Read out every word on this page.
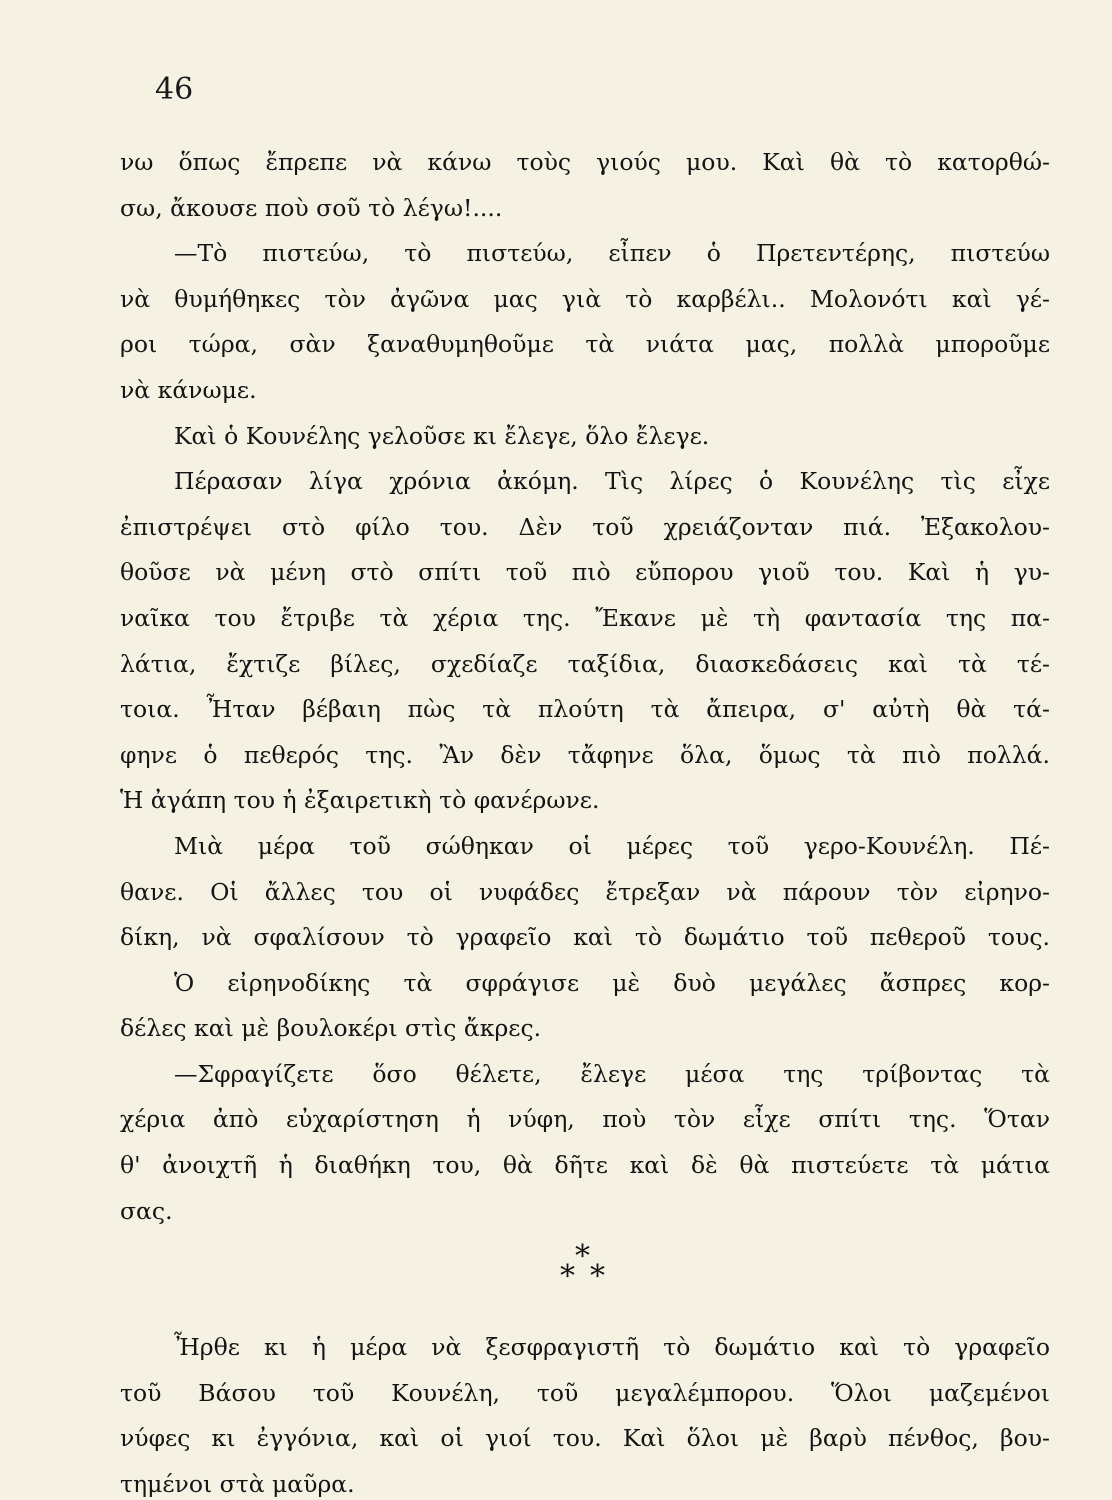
46
νω ὅπως ἔπρεπε νὰ κάνω τοὺς γιούς μου. Καὶ θὰ τὸ κατορθώ-
σω, ἄκουσε ποὺ σοῦ τὸ λέγω!....
—Τὸ πιστεύω, τὸ πιστεύω, εἶπεν ὁ Πρετεντέρης, πιστεύω
νὰ θυμήθηκες τὸν ἀγῶνα μας γιὰ τὸ καρβέλι.. Μολονότι καὶ γέ-
ροι τώρα, σὰν ξαναθυμηθοῦμε τὰ νιάτα μας, πολλὰ μποροῦμε
νὰ κάνωμε.
Καὶ ὁ Κουνέλης γελοῦσε κι ἔλεγε, ὅλο ἔλεγε.
Πέρασαν λίγα χρόνια ἀκόμη. Τὶς λίρες ὁ Κουνέλης τὶς εἶχε
ἐπιστρέψει στὸ φίλο του. Δὲν τοῦ χρειάζονταν πιά. Ἐξακολου-
θοῦσε νὰ μένη στὸ σπίτι τοῦ πιὸ εὔπορου γιοῦ του. Καὶ ἡ γυ-
ναῖκα του ἔτριβε τὰ χέρια της. Ἔκανε μὲ τὴ φαντασία της πα-
λάτια, ἔχτιζε βίλες, σχεδίαζε ταξίδια, διασκεδάσεις καὶ τὰ τέ-
τοια. Ἦταν βέβαιη πὼς τὰ πλούτη τὰ ἄπειρα, σ' αὐτὴ θὰ τά-
φηνε ὁ πεθερός της. Ἂν δὲν τἄφηνε ὅλα, ὅμως τὰ πιὸ πολλά.
Ἡ ἀγάπη του ἡ ἐξαιρετικὴ τὸ φανέρωνε.
Μιὰ μέρα τοῦ σώθηκαν οἱ μέρες τοῦ γερο-Κουνέλη. Πέ-
θανε. Οἱ ἄλλες του οἱ νυφάδες ἔτρεξαν νὰ πάρουν τὸν εἰρηνο-
δίκη, νὰ σφαλίσουν τὸ γραφεῖο καὶ τὸ δωμάτιο τοῦ πεθεροῦ τους.
Ὁ εἰρηνοδίκης τὰ σφράγισε μὲ δυὸ μεγάλες ἄσπρες κορ-
δέλες καὶ μὲ βουλοκέρι στὶς ἄκρες.
—Σφραγίζετε ὅσο θέλετε, ἔλεγε μέσα της τρίβοντας τὰ
χέρια ἀπὸ εὐχαρίστηση ἡ νύφη, ποὺ τὸν εἶχε σπίτι της. Ὅταν
θ' ἀνοιχτῆ ἡ διαθήκη του, θὰ δῆτε καὶ δὲ θὰ πιστεύετε τὰ μάτια
σας.
*
* *
Ἦρθε κι ἡ μέρα νὰ ξεσφραγιστῆ τὸ δωμάτιο καὶ τὸ γραφεῖο
τοῦ Βάσου τοῦ Κουνέλη, τοῦ μεγαλέμπορου. Ὅλοι μαζεμένοι
νύφες κι ἐγγόνια, καὶ οἱ γιοί του. Καὶ ὅλοι μὲ βαρὺ πένθος, βου-
τημένοι στὰ μαῦρα.
